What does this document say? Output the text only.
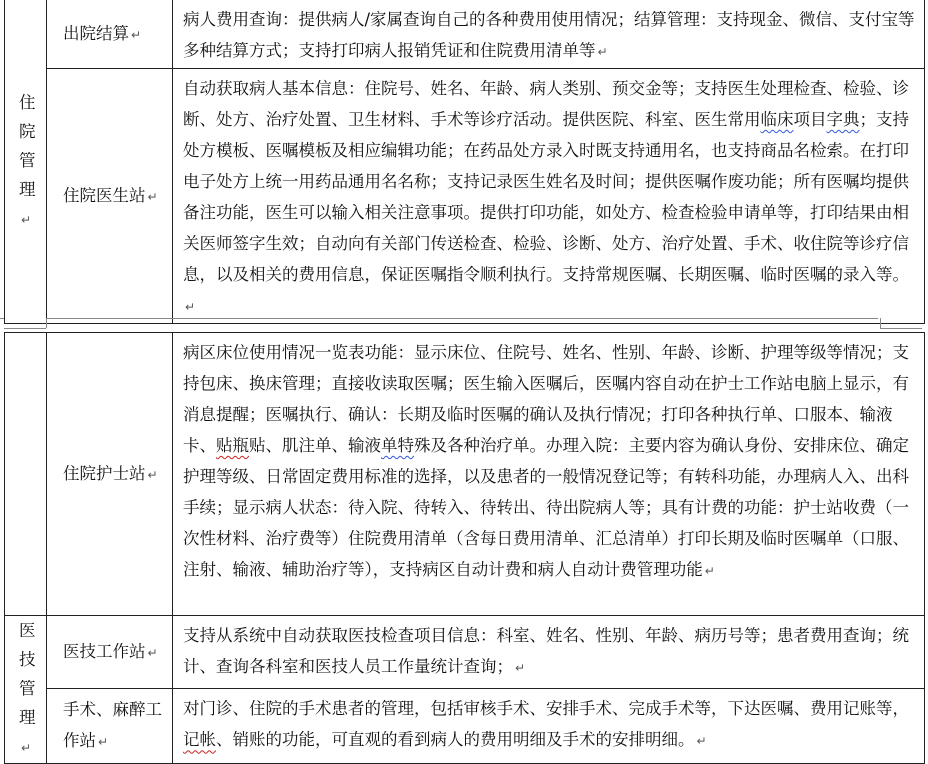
住院管理
↵	出院结算 ↵	病人费用查询：提供病人/家属查询自己的各种费用使用情况；结算管理：支持现金、微信、支付宝等多种结算方式；支持打印病人报销凭证和住院费用清单等 ↵
	住院医生站 ↵	自动获取病人基本信息：住院号、姓名、年龄、病人类别、预交金等；支持医生处理检查、检验、诊断、处方、治疗处置、卫生材料、手术等诊疗活动。提供医院、科室、医生常用临床项目字典；支持处方模板、医嘱模板及相应编辑功能；在药品处方录入时既支持通用名，也支持商品名检索。在打印电子处方上统一用药品通用名名称；支持记录医生姓名及时间；提供医嘱作废功能；所有医嘱均提供备注功能，医生可以输入相关注意事项。提供打印功能，如处方、检查检验申请单等，打印结果由相关医师签字生效；自动向有关部门传送检查、检验、诊断、处方、治疗处置、手术、收住院等诊疗信息，以及相关的费用信息，保证医嘱指令顺利执行。支持常规医嘱、长期医嘱、临时医嘱的录入等。↵
	住院护士站 ↵	病区床位使用情况一览表功能：显示床位、住院号、姓名、性别、年龄、诊断、护理等级等情况；支持包床、换床管理；直接收读取医嘱；医生输入医嘱后，医嘱内容自动在护士工作站电脑上显示，有消息提醒；医嘱执行、确认：长期及临时医嘱的确认及执行情况；打印各种执行单、口服本、输液卡、贴瓶贴、肌注单、输液单特殊及各种治疗单。办理入院：主要内容为确认身份、安排床位、确定护理等级、日常固定费用标准的选择，以及患者的一般情况登记等；有转科功能，办理病人入、出科手续；显示病人状态：待入院、待转入、待转出、待出院病人等；具有计费的功能：护士站收费（一次性材料、治疗费等）住院费用清单（含每日费用清单、汇总清单）打印长期及临时医嘱单（口服、注射、输液、辅助治疗等），支持病区自动计费和病人自动计费管理功能 ↵

医技管理
↵	医技工作站 ↵	支持从系统中自动获取医技检查项目信息：科室、姓名、性别、年龄、病历号等；患者费用查询；统计、查询各科室和医技人员工作量统计查询； ↵
	手术、麻醉工作站 ↵	对门诊、住院的手术患者的管理，包括审核手术、安排手术、完成手术等，下达医嘱、费用记账等，记帐、销账的功能，可直观的看到病人的费用明细及手术的安排明细。 ↵
